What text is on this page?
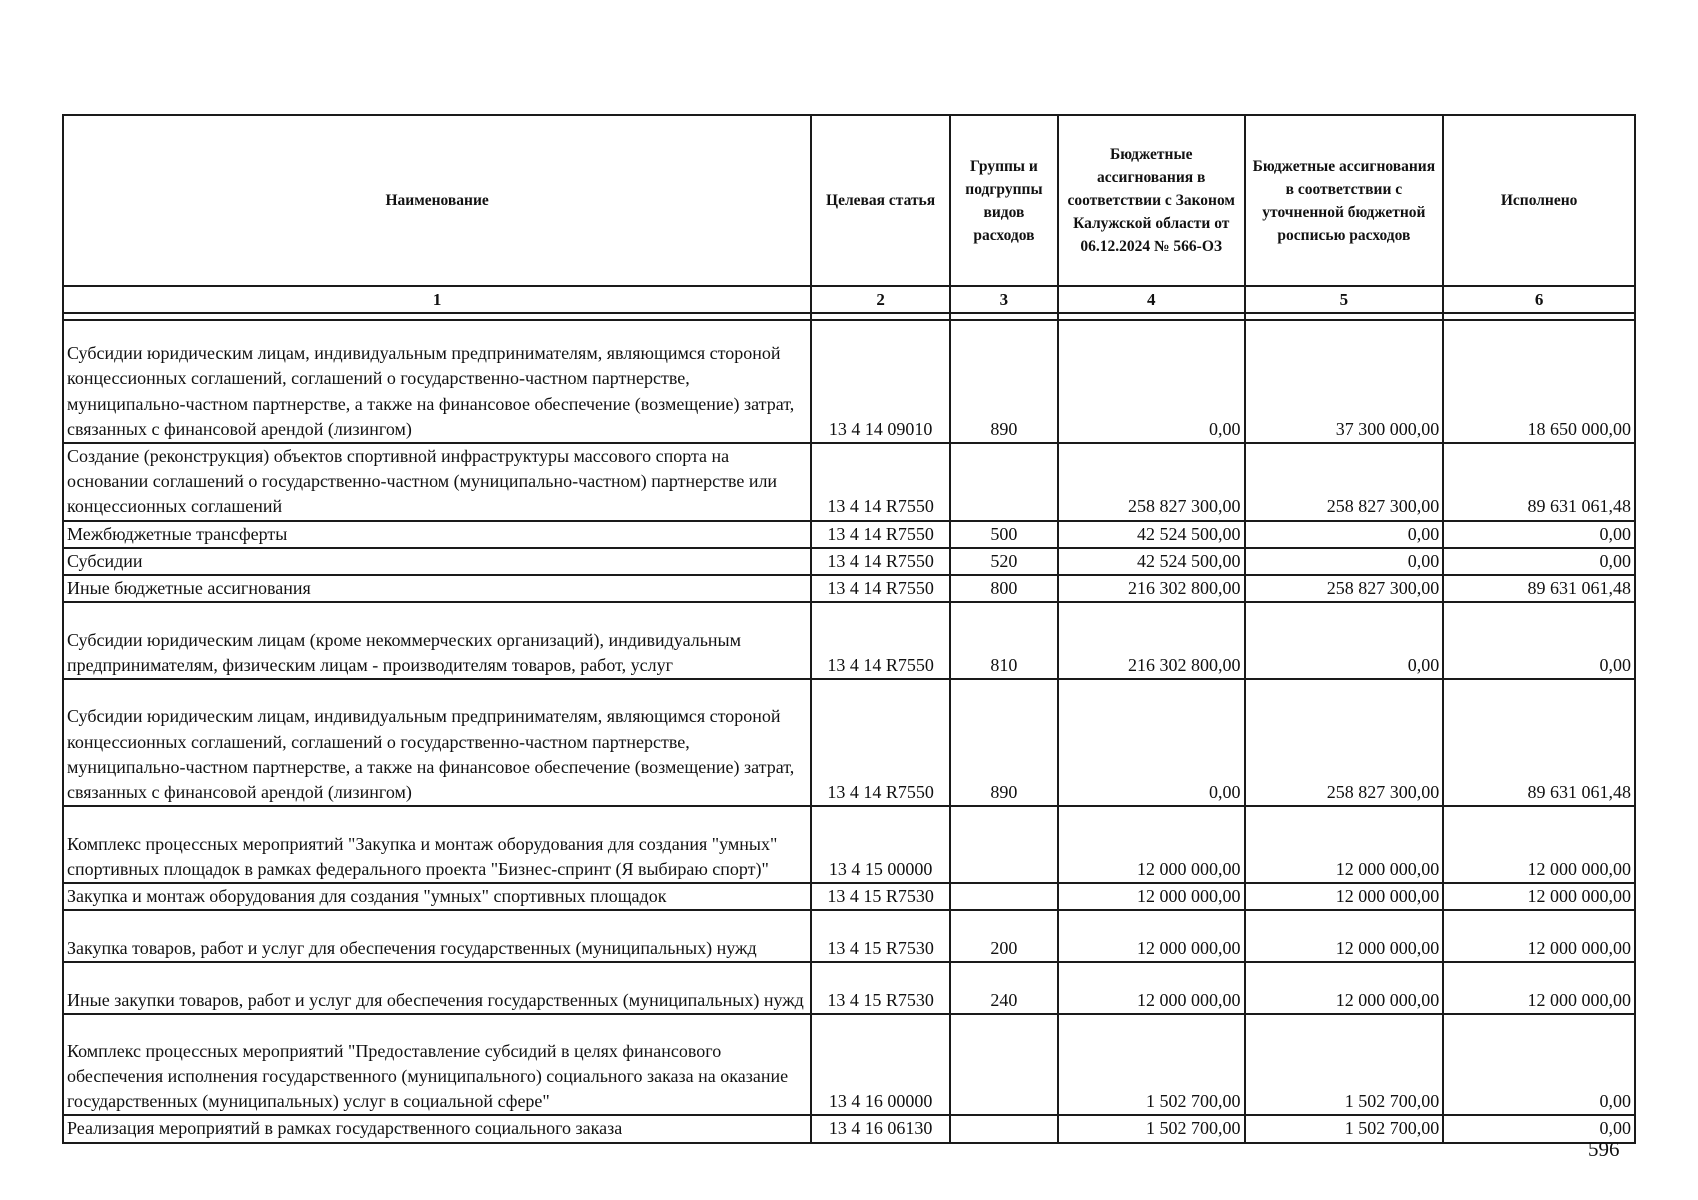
Наименование	Целевая статья	Группы и подгруппы видов расходов	Бюджетные ассигнования в соответствии с Законом Калужской области от 06.12.2024 № 566-ОЗ	Бюджетные ассигнования в соответствии с уточненной бюджетной росписью расходов	Исполнено
1	2	3	4	5	6

Субсидии юридическим лицам, индивидуальным предпринимателям, являющимся стороной концессионных соглашений, соглашений о государственно-частном партнерстве, муниципально-частном партнерстве, а также на финансовое обеспечение (возмещение) затрат, связанных с финансовой арендой (лизингом)	13 4 14 09010	890	0,00	37 300 000,00	18 650 000,00
Создание (реконструкция) объектов спортивной инфраструктуры массового спорта на основании соглашений о государственно-частном (муниципально-частном) партнерстве или концессионных соглашений	13 4 14 R7550		258 827 300,00	258 827 300,00	89 631 061,48
Межбюджетные трансферты	13 4 14 R7550	500	42 524 500,00	0,00	0,00
Субсидии	13 4 14 R7550	520	42 524 500,00	0,00	0,00
Иные бюджетные ассигнования	13 4 14 R7550	800	216 302 800,00	258 827 300,00	89 631 061,48
Субсидии юридическим лицам (кроме некоммерческих организаций), индивидуальным предпринимателям, физическим лицам - производителям товаров, работ, услуг	13 4 14 R7550	810	216 302 800,00	0,00	0,00
Субсидии юридическим лицам, индивидуальным предпринимателям, являющимся стороной концессионных соглашений, соглашений о государственно-частном партнерстве, муниципально-частном партнерстве, а также на финансовое обеспечение (возмещение) затрат, связанных с финансовой арендой (лизингом)	13 4 14 R7550	890	0,00	258 827 300,00	89 631 061,48
Комплекс процессных мероприятий "Закупка и монтаж оборудования для создания "умных" спортивных площадок в рамках федерального проекта "Бизнес-спринт (Я выбираю спорт)"	13 4 15 00000		12 000 000,00	12 000 000,00	12 000 000,00
Закупка и монтаж оборудования для создания "умных" спортивных площадок	13 4 15 R7530		12 000 000,00	12 000 000,00	12 000 000,00
Закупка товаров, работ и услуг для обеспечения государственных (муниципальных) нужд	13 4 15 R7530	200	12 000 000,00	12 000 000,00	12 000 000,00
Иные закупки товаров, работ и услуг для обеспечения государственных (муниципальных) нужд	13 4 15 R7530	240	12 000 000,00	12 000 000,00	12 000 000,00
Комплекс процессных мероприятий "Предоставление субсидий в целях финансового обеспечения исполнения государственного (муниципального) социального заказа на оказание государственных (муниципальных) услуг в социальной сфере"	13 4 16 00000		1 502 700,00	1 502 700,00	0,00
Реализация мероприятий в рамках государственного социального заказа	13 4 16 06130		1 502 700,00	1 502 700,00	0,00
596
